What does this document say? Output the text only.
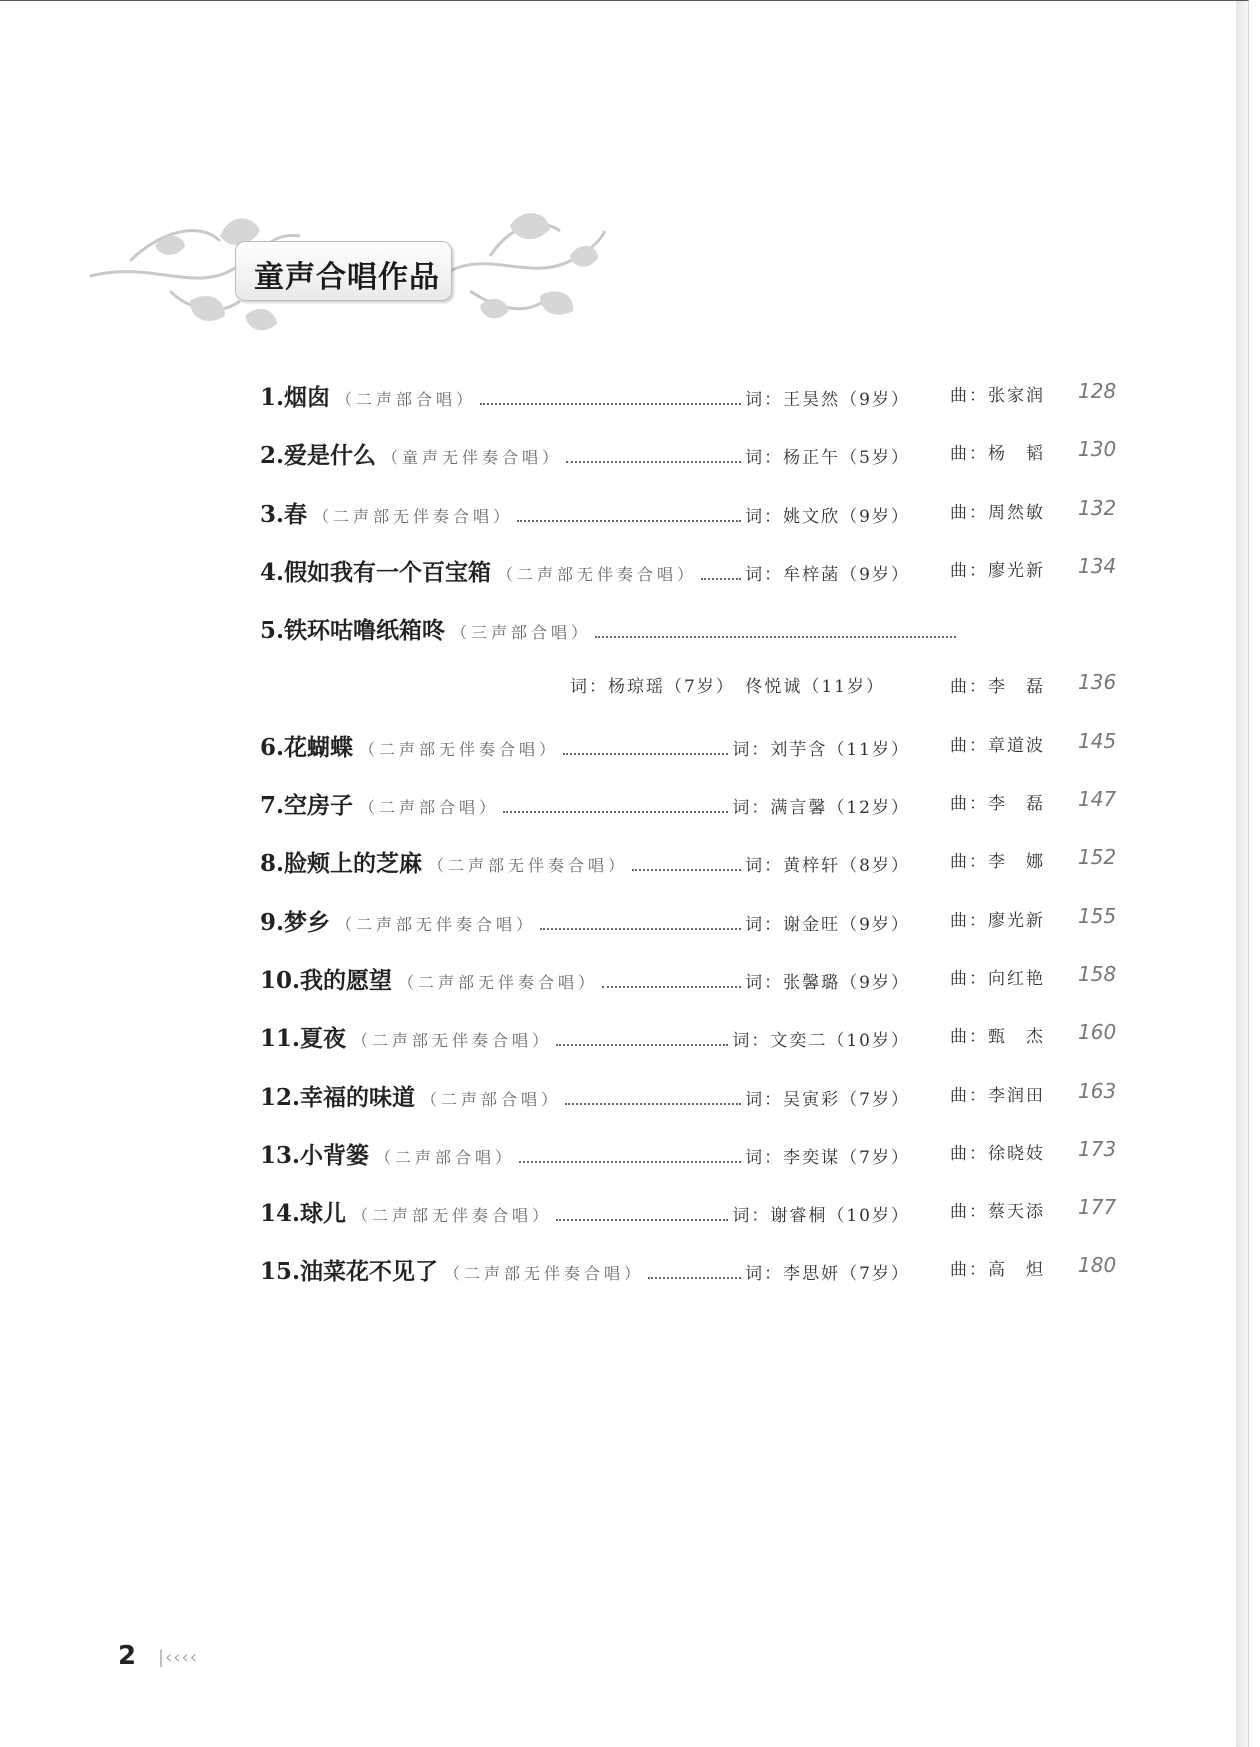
童声合唱作品
1. 烟囱 （二声部合唱）	词：王昊然（9岁） 曲：张家润 128
2. 爱是什么 （童声无伴奏合唱）	词：杨正午（5岁） 曲：杨　韬 130
3. 春 （二声部无伴奏合唱）	词：姚文欣（9岁） 曲：周然敏 132
4. 假如我有一个百宝箱 （二声部无伴奏合唱）	词：牟梓菡（9岁） 曲：廖光新 134
5. 铁环咕噜纸箱咚 （三声部合唱）
词：杨琼瑶（7岁）　佟悦诚（11岁）	曲：李　磊 136
6. 花蝴蝶 （二声部无伴奏合唱）	词：刘芋含（11岁） 曲：章道波 145
7. 空房子 （二声部合唱）	词：满言馨（12岁） 曲：李　磊 147
8. 脸颊上的芝麻 （二声部无伴奏合唱）	词：黄梓轩（8岁） 曲：李　娜 152
9. 梦乡 （二声部无伴奏合唱）	词：谢金旺（9岁） 曲：廖光新 155
10. 我的愿望 （二声部无伴奏合唱）	词：张馨璐（9岁） 曲：向红艳 158
11. 夏夜 （二声部无伴奏合唱）	词：文奕二（10岁） 曲：甄　杰 160
12. 幸福的味道 （二声部合唱）	词：吴寅彩（7岁） 曲：李润田 163
13. 小背篓 （二声部合唱）	词：李奕谋（7岁） 曲：徐晓妓 173
14. 球儿 （二声部无伴奏合唱）	词：谢睿桐（10岁） 曲：蔡天添 177
15. 油菜花不见了 （二声部无伴奏合唱）	词：李思妍（7岁） 曲：高　炟 180
2 |‹‹‹‹
